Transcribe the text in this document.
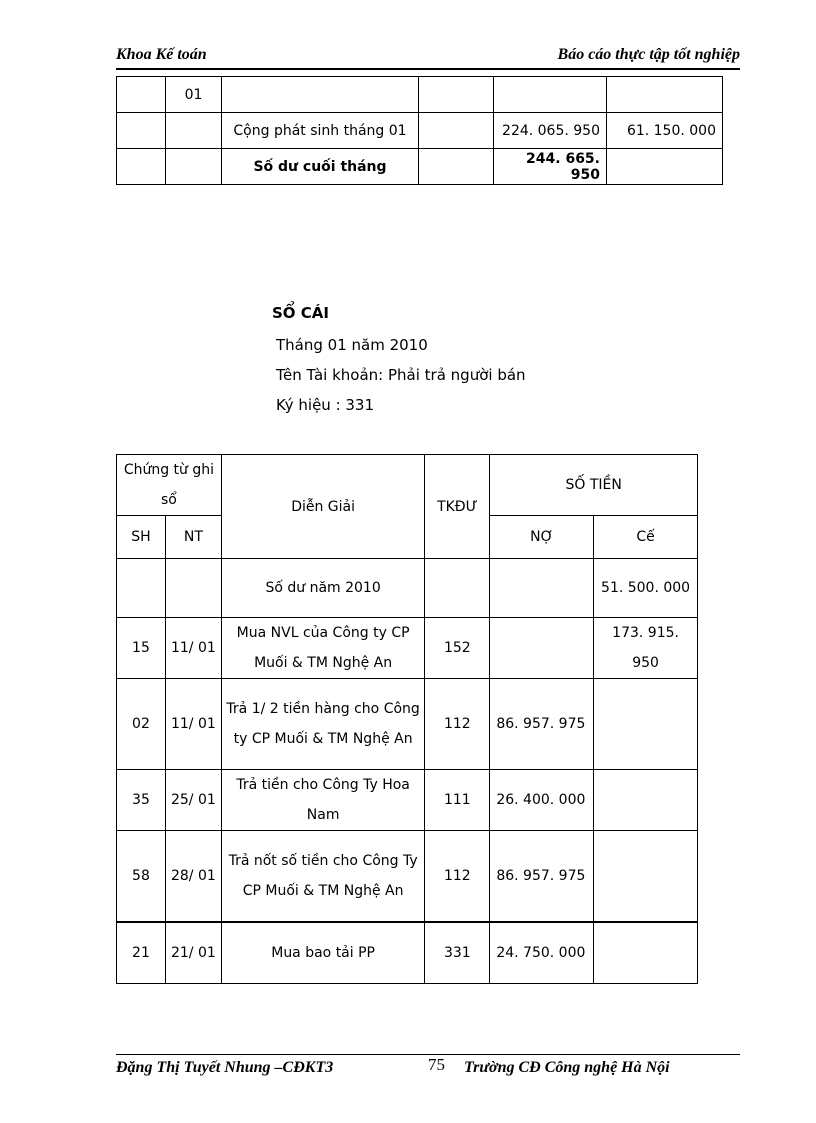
Khoa Kế toán	Báo cáo thực tập tốt nghiệp
	01				
		Cộng phát sinh tháng 01		224. 065. 950	61. 150. 000
		Số dư cuối tháng		244. 665. 950	
SỔ CÁI
Tháng 01 năm 2010
Tên Tài khoản: Phải trả người bán
Ký hiệu : 331
Chứng từ ghi sổ		Diễn Giải	TKĐƯ	SỐ TIỀN	
SH	NT			NỢ	Cế
		Số dư năm 2010			51. 500. 000
15	11/ 01	Mua NVL của Công ty CP Muối & TM Nghệ An	152		173. 915. 950
02	11/ 01	Trả 1/ 2 tiền hàng cho Công ty CP Muối & TM Nghệ An	112	86. 957. 975	
35	25/ 01	Trả tiền cho Công Ty Hoa Nam	111	26. 400. 000	
58	28/ 01	Trả nốt số tiền cho Công Ty CP Muối & TM Nghệ An	112	86. 957. 975	
21	21/ 01	Mua bao tải PP	331	24. 750. 000	
Đặng Thị Tuyết Nhung –CĐKT3	75 Trường CĐ Công nghệ Hà Nội
